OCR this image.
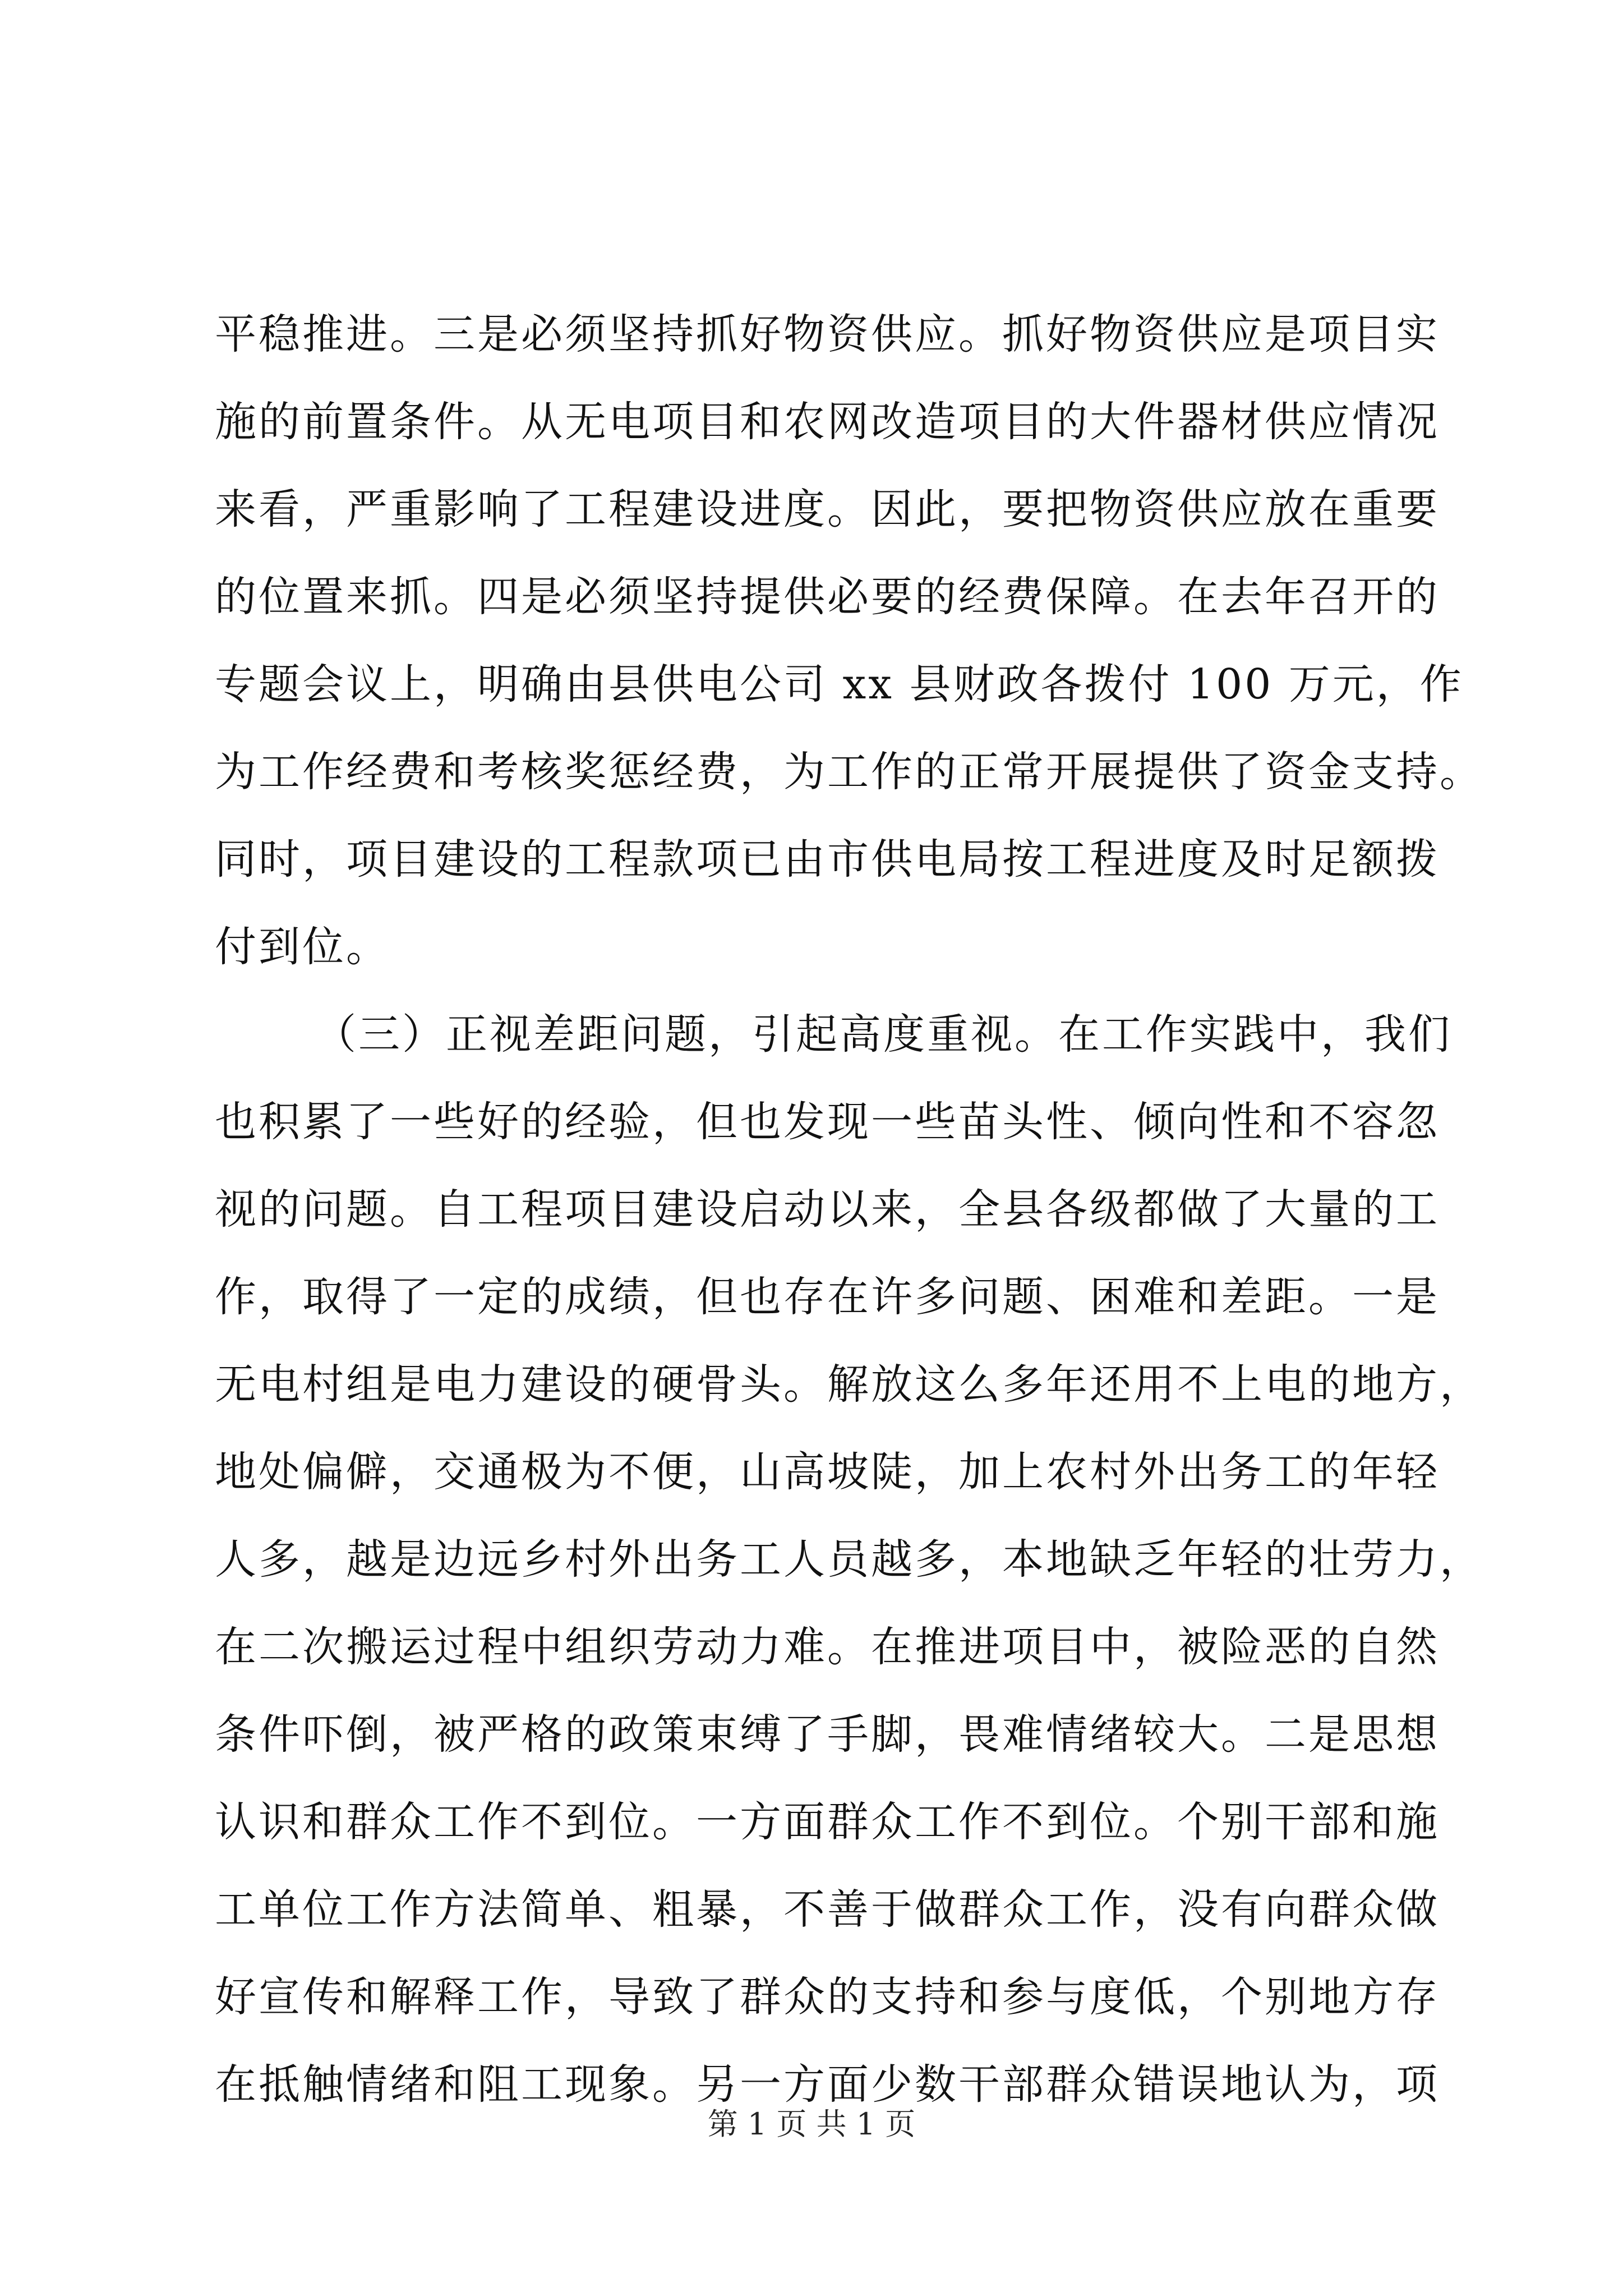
平稳推进。三是必须坚持抓好物资供应。抓好物资供应是项目实
施的前置条件。从无电项目和农网改造项目的大件器材供应情况
来看，严重影响了工程建设进度。因此，要把物资供应放在重要
的位置来抓。四是必须坚持提供必要的经费保障。在去年召开的
专题会议上，明确由县供电公司 xx 县财政各拨付 100 万元，作
为工作经费和考核奖惩经费，为工作的正常开展提供了资金支持。
同时，项目建设的工程款项已由市供电局按工程进度及时足额拨
付到位。
（三）正视差距问题，引起高度重视。在工作实践中，我们
也积累了一些好的经验，但也发现一些苗头性、倾向性和不容忽
视的问题。自工程项目建设启动以来，全县各级都做了大量的工
作，取得了一定的成绩，但也存在许多问题、困难和差距。一是
无电村组是电力建设的硬骨头。解放这么多年还用不上电的地方，
地处偏僻，交通极为不便，山高坡陡，加上农村外出务工的年轻
人多，越是边远乡村外出务工人员越多，本地缺乏年轻的壮劳力，
在二次搬运过程中组织劳动力难。在推进项目中，被险恶的自然
条件吓倒，被严格的政策束缚了手脚，畏难情绪较大。二是思想
认识和群众工作不到位。一方面群众工作不到位。个别干部和施
工单位工作方法简单、粗暴，不善于做群众工作，没有向群众做
好宣传和解释工作，导致了群众的支持和参与度低，个别地方存
在抵触情绪和阻工现象。另一方面少数干部群众错误地认为，项
第 1 页 共 1 页
